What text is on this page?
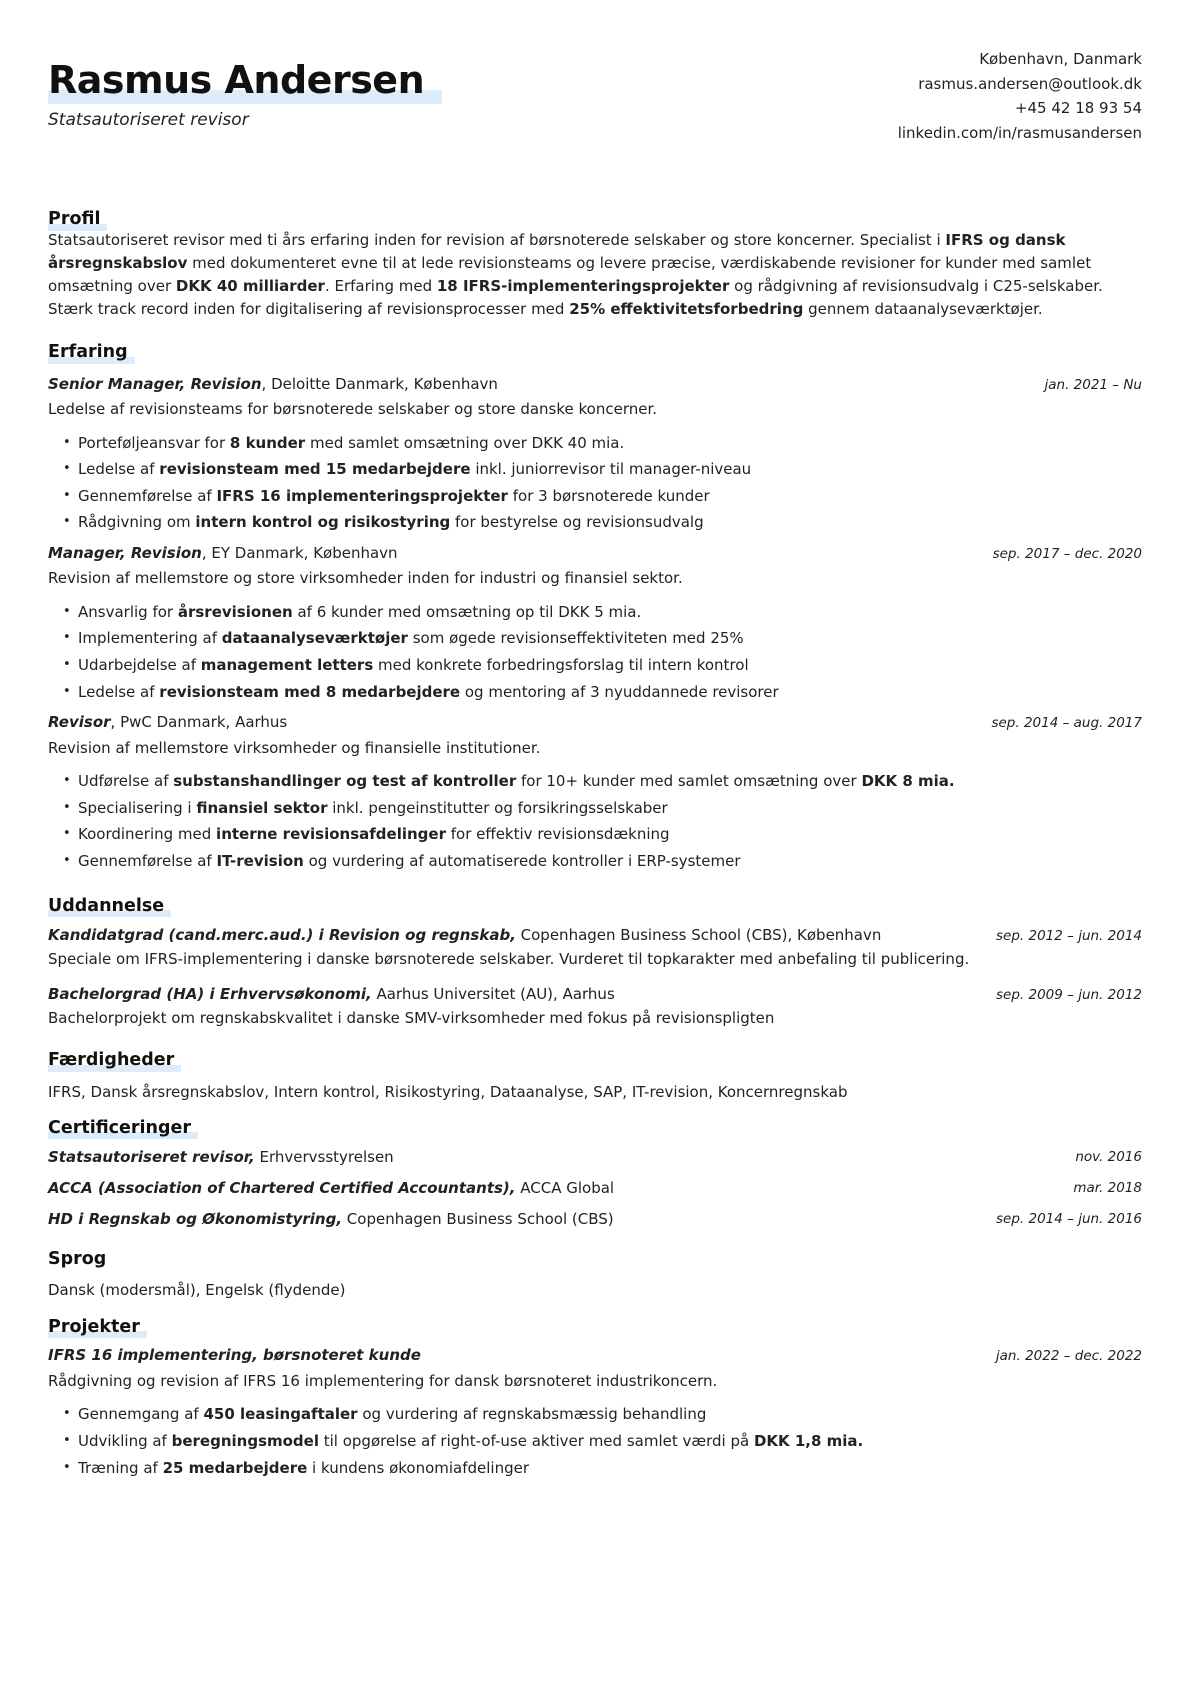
Rasmus Andersen
Statsautoriseret revisor
København, Danmark
rasmus.andersen@outlook.dk
+45 42 18 93 54
linkedin.com/in/rasmusandersen
Profil
Statsautoriseret revisor med ti års erfaring inden for revision af børsnoterede selskaber og store koncerner. Specialist i IFRS og dansk årsregnskabslov med dokumenteret evne til at lede revisionsteams og levere præcise, værdiskabende revisioner for kunder med samlet omsætning over DKK 40 milliarder. Erfaring med 18 IFRS-implementeringsprojekter og rådgivning af revisionsudvalg i C25-selskaber. Stærk track record inden for digitalisering af revisionsprocesser med 25% effektivitetsforbedring gennem dataanalyseværktøjer.
Erfaring
Senior Manager, Revision, Deloitte Danmark, København	jan. 2021 – Nu
Ledelse af revisionsteams for børsnoterede selskaber og store danske koncerner.
• Porteføljeansvar for 8 kunder med samlet omsætning over DKK 40 mia.
• Ledelse af revisionsteam med 15 medarbejdere inkl. juniorrevisor til manager-niveau
• Gennemførelse af IFRS 16 implementeringsprojekter for 3 børsnoterede kunder
• Rådgivning om intern kontrol og risikostyring for bestyrelse og revisionsudvalg
Manager, Revision, EY Danmark, København	sep. 2017 – dec. 2020
Revision af mellemstore og store virksomheder inden for industri og finansiel sektor.
• Ansvarlig for årsrevisionen af 6 kunder med omsætning op til DKK 5 mia.
• Implementering af dataanalyseværktøjer som øgede revisionseffektiviteten med 25%
• Udarbejdelse af management letters med konkrete forbedringsforslag til intern kontrol
• Ledelse af revisionsteam med 8 medarbejdere og mentoring af 3 nyuddannede revisorer
Revisor, PwC Danmark, Aarhus	sep. 2014 – aug. 2017
Revision af mellemstore virksomheder og finansielle institutioner.
• Udførelse af substanshandlinger og test af kontroller for 10+ kunder med samlet omsætning over DKK 8 mia.
• Specialisering i finansiel sektor inkl. pengeinstitutter og forsikringsselskaber
• Koordinering med interne revisionsafdelinger for effektiv revisionsdækning
• Gennemførelse af IT-revision og vurdering af automatiserede kontroller i ERP-systemer
Uddannelse
Kandidatgrad (cand.merc.aud.) i Revision og regnskab, Copenhagen Business School (CBS), København	sep. 2012 – jun. 2014
Speciale om IFRS-implementering i danske børsnoterede selskaber. Vurderet til topkarakter med anbefaling til publicering.
Bachelorgrad (HA) i Erhvervsøkonomi, Aarhus Universitet (AU), Aarhus	sep. 2009 – jun. 2012
Bachelorprojekt om regnskabskvalitet i danske SMV-virksomheder med fokus på revisionspligten
Færdigheder
IFRS, Dansk årsregnskabslov, Intern kontrol, Risikostyring, Dataanalyse, SAP, IT-revision, Koncernregnskab
Certificeringer
Statsautoriseret revisor, Erhvervsstyrelsen	nov. 2016
ACCA (Association of Chartered Certified Accountants), ACCA Global	mar. 2018
HD i Regnskab og Økonomistyring, Copenhagen Business School (CBS)	sep. 2014 – jun. 2016
Sprog
Dansk (modersmål), Engelsk (flydende)
Projekter
IFRS 16 implementering, børsnoteret kunde	jan. 2022 – dec. 2022
Rådgivning og revision af IFRS 16 implementering for dansk børsnoteret industrikoncern.
• Gennemgang af 450 leasingaftaler og vurdering af regnskabsmæssig behandling
• Udvikling af beregningsmodel til opgørelse af right-of-use aktiver med samlet værdi på DKK 1,8 mia.
• Træning af 25 medarbejdere i kundens økonomiafdelinger
